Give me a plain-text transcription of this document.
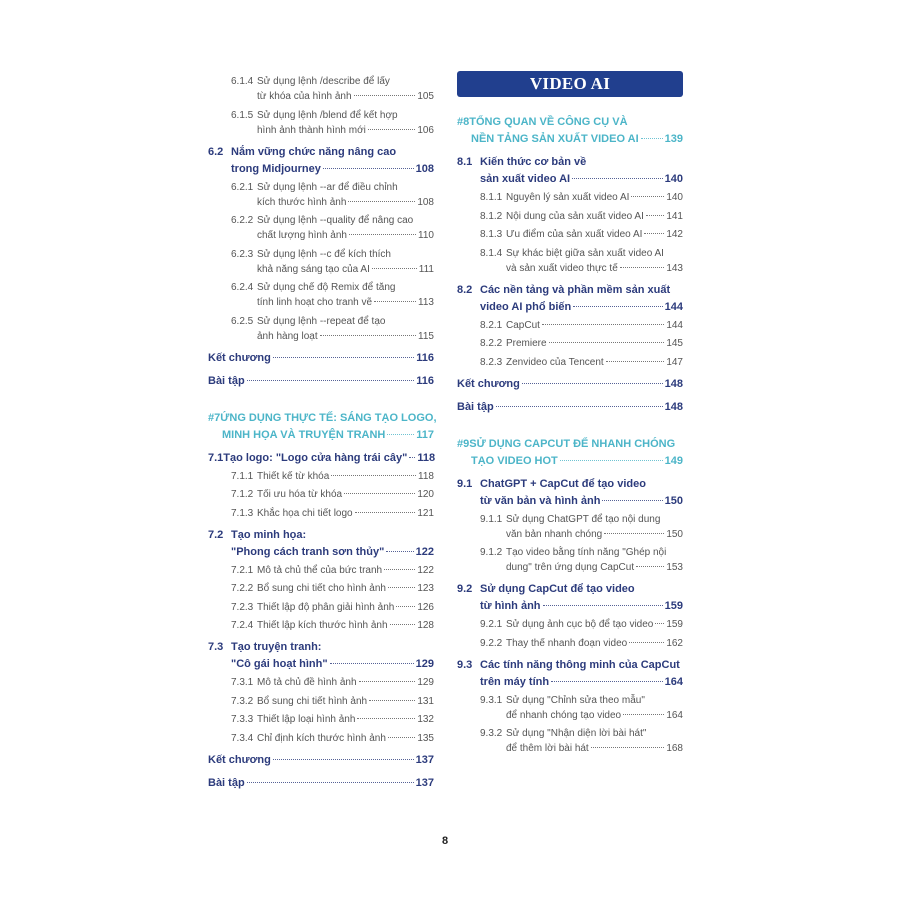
6.1.4 Sử dụng lệnh /describe để lấy
từ khóa của hình ảnh	105
6.1.5 Sử dụng lệnh /blend để kết hợp
hình ảnh thành hình mới	106
6.2 Nắm vững chức năng nâng cao
trong Midjourney	108
6.2.1 Sử dụng lệnh --ar để điều chỉnh
kích thước hình ảnh	108
6.2.2 Sử dụng lệnh --quality để nâng cao
chất lượng hình ảnh	110
6.2.3 Sử dụng lệnh --c để kích thích
khả năng sáng tạo của AI	111
6.2.4 Sử dụng chế độ Remix để tăng
tính linh hoạt cho tranh vẽ	113
6.2.5 Sử dụng lệnh --repeat để tạo
ảnh hàng loạt	115
Kết chương	116
Bài tập	116
#7 ỨNG DỤNG THỰC TẾ: SÁNG TẠO LOGO,
MINH HỌA VÀ TRUYỆN TRANH	117
7.1 Tạo logo: "Logo cửa hàng trái cây" 118
7.1.1 Thiết kế từ khóa	118
7.1.2 Tối ưu hóa từ khóa	120
7.1.3 Khắc họa chi tiết logo	121
7.2 Tạo minh họa:
"Phong cách tranh sơn thủy"	122
7.2.1 Mô tả chủ thể của bức tranh	122
7.2.2 Bổ sung chi tiết cho hình ảnh	123
7.2.3 Thiết lập độ phân giải hình ảnh 126
7.2.4 Thiết lập kích thước hình ảnh	128
7.3 Tạo truyện tranh:
"Cô gái hoạt hình"	129
7.3.1 Mô tả chủ đề hình ảnh	129
7.3.2 Bổ sung chi tiết hình ảnh	131
7.3.3 Thiết lập loại hình ảnh	132
7.3.4 Chỉ định kích thước hình ảnh	135
Kết chương	137
Bài tập	137
VIDEO AI
#8 TỔNG QUAN VỀ CÔNG CỤ VÀ
NỀN TẢNG SẢN XUẤT VIDEO AI 139
8.1 Kiến thức cơ bản về
sản xuất video AI	140
8.1.1 Nguyên lý sản xuất video AI	140
8.1.2 Nội dung của sản xuất video AI 141
8.1.3 Ưu điểm của sản xuất video AI 142
8.1.4 Sự khác biệt giữa sản xuất video AI
và sản xuất video thực tế	143
8.2 Các nền tảng và phần mềm sản xuất
video AI phổ biến	144
8.2.1 CapCut	144
8.2.2 Premiere	145
8.2.3 Zenvideo của Tencent	147
Kết chương	148
Bài tập	148
#9 SỬ DỤNG CAPCUT ĐỂ NHANH CHÓNG
TẠO VIDEO HOT	149
9.1 ChatGPT + CapCut để tạo video
từ văn bản và hình ảnh	150
9.1.1 Sử dụng ChatGPT để tạo nội dung
văn bản nhanh chóng	150
9.1.2 Tạo video bằng tính năng "Ghép nội
dung" trên ứng dụng CapCut	153
9.2 Sử dụng CapCut để tạo video
từ hình ảnh	159
9.2.1 Sử dụng ảnh cục bộ để tạo video 159
9.2.2 Thay thế nhanh đoạn video	162
9.3 Các tính năng thông minh của CapCut
trên máy tính	164
9.3.1 Sử dụng "Chỉnh sửa theo mẫu"
để nhanh chóng tạo video	164
9.3.2 Sử dụng "Nhận diện lời bài hát"
để thêm lời bài hát	168
8
